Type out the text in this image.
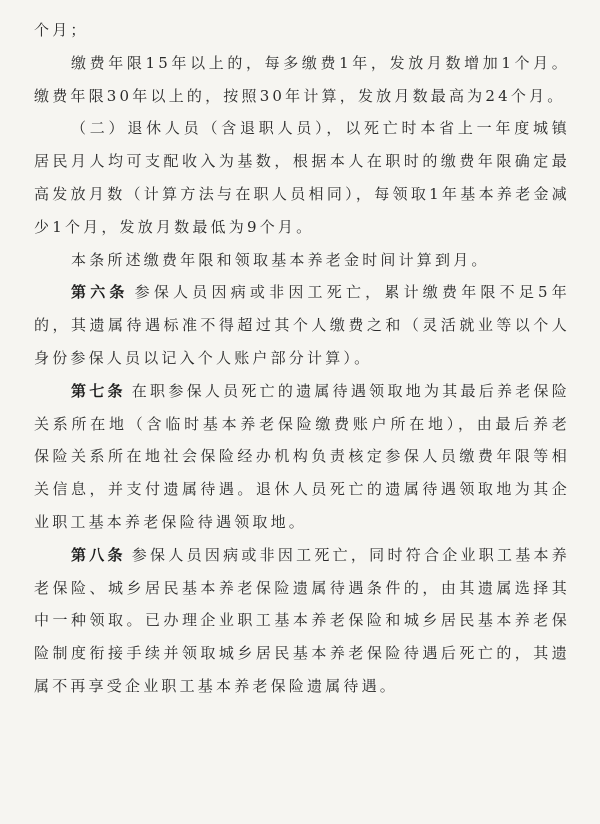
个月；

缴费年限15年以上的，每多缴费1年，发放月数增加1个月。缴费年限30年以上的，按照30年计算，发放月数最高为24个月。

（二）退休人员（含退职人员），以死亡时本省上一年度城镇居民月人均可支配收入为基数，根据本人在职时的缴费年限确定最高发放月数（计算方法与在职人员相同），每领取1年基本养老金减少1个月，发放月数最低为9个月。

本条所述缴费年限和领取基本养老金时间计算到月。

第六条 参保人员因病或非因工死亡，累计缴费年限不足5年的，其遗属待遇标准不得超过其个人缴费之和（灵活就业等以个人身份参保人员以记入个人账户部分计算）。

第七条 在职参保人员死亡的遗属待遇领取地为其最后养老保险关系所在地（含临时基本养老保险缴费账户所在地），由最后养老保险关系所在地社会保险经办机构负责核定参保人员缴费年限等相关信息，并支付遗属待遇。退休人员死亡的遗属待遇领取地为其企业职工基本养老保险待遇领取地。

第八条 参保人员因病或非因工死亡，同时符合企业职工基本养老保险、城乡居民基本养老保险遗属待遇条件的，由其遗属选择其中一种领取。已办理企业职工基本养老保险和城乡居民基本养老保险制度衔接手续并领取城乡居民基本养老保险待遇后死亡的，其遗属不再享受企业职工基本养老保险遗属待遇。
